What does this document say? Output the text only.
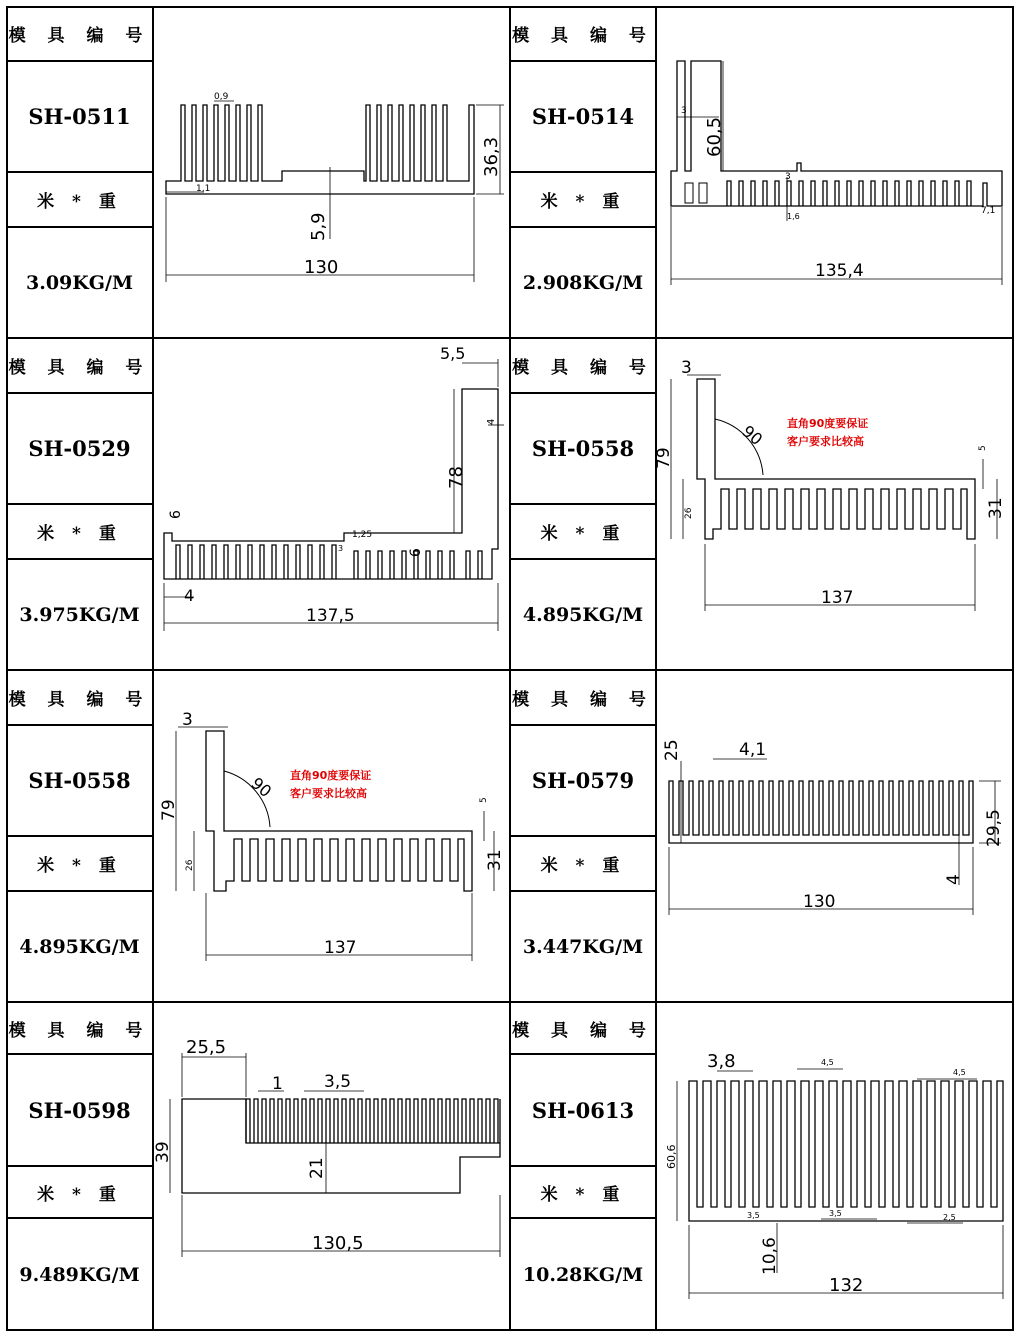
模 具 编 号
SH-0511
米 * 重
3.09KG/M
0,9
1,1
36,3
5,9
130
模 具 编 号
SH-0514
米 * 重
2.908KG/M
3
60,5
3
1,6
7,1
135,4
模 具 编 号
SH-0529
米 * 重
3.975KG/M
5,5
4
78
6
1,25
3	6
4
137,5
模 具 编 号
SH-0558
米 * 重
4.895KG/M
3
90
79
26
5
31
137
直角90度要保证
客户要求比较高
模 具 编 号
SH-0558
米 * 重
4.895KG/M
3
90
79
26
5
31
137
直角90度要保证
客户要求比较高
模 具 编 号
SH-0579
米 * 重
3.447KG/M
25	4,1
29,5
4
130
模 具 编 号
SH-0598
米 * 重
9.489KG/M
25,5
1 3,5
39
21
130,5
模 具 编 号
SH-0613
米 * 重
10.28KG/M
3,8	4,5
4,5
60,6
3,5	3,5	2,5
10,6
132
